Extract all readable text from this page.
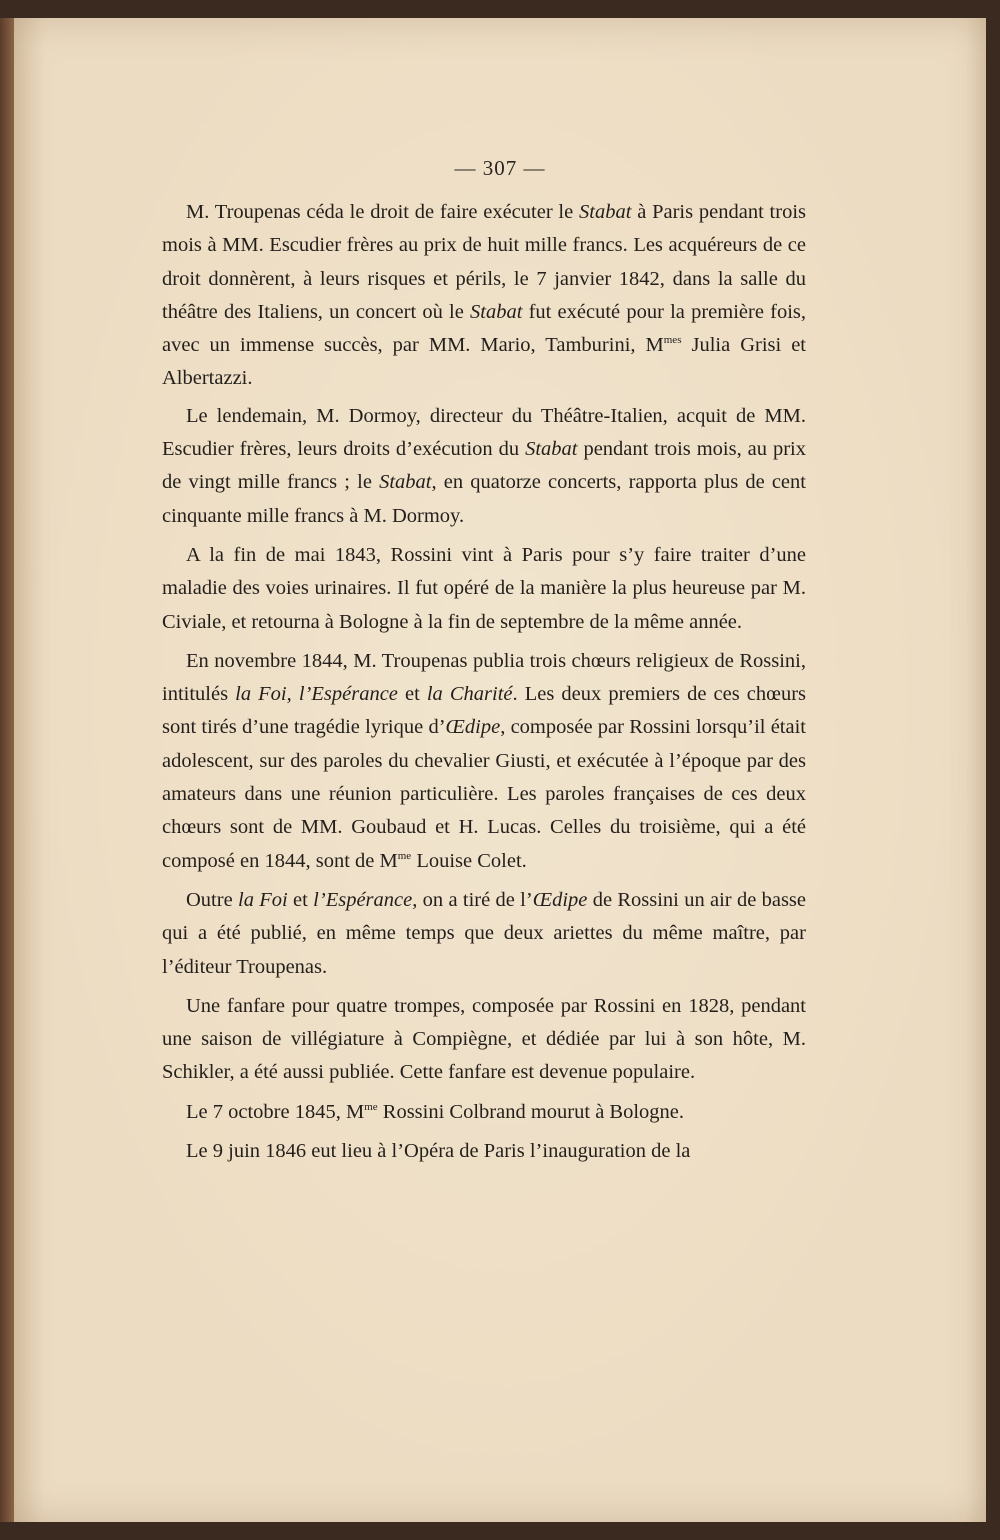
— 307 —

M. Troupenas céda le droit de faire exécuter le Stabat à Paris pendant trois mois à MM. Escudier frères au prix de huit mille francs. Les acquéreurs de ce droit donnèrent, à leurs risques et périls, le 7 janvier 1842, dans la salle du théâtre des Italiens, un concert où le Stabat fut exécuté pour la première fois, avec un immense succès, par MM. Mario, Tamburini, $M^{mes}$ Julia Grisi et Albertazzi.

Le lendemain, M. Dormoy, directeur du Théâtre-Italien, acquit de MM. Escudier frères, leurs droits d’exécution du Stabat pendant trois mois, au prix de vingt mille francs ; le Stabat, en quatorze concerts, rapporta plus de cent cinquante mille francs à M. Dormoy.

A la fin de mai 1843, Rossini vint à Paris pour s’y faire traiter d’une maladie des voies urinaires. Il fut opéré de la manière la plus heureuse par M. Civiale, et retourna à Bologne à la fin de septembre de la même année.

En novembre 1844, M. Troupenas publia trois chœurs religieux de Rossini, intitulés la Foi, l’Espérance et la Charité. Les deux premiers de ces chœurs sont tirés d’une tragédie lyrique d’Œdipe, composée par Rossini lorsqu’il était adolescent, sur des paroles du chevalier Giusti, et exécutée à l’époque par des amateurs dans une réunion particulière. Les paroles françaises de ces deux chœurs sont de MM. Goubaud et H. Lucas. Celles du troisième, qui a été composé en 1844, sont de $M^{me}$ Louise Colet.

Outre la Foi et l’Espérance, on a tiré de l’Œdipe de Rossini un air de basse qui a été publié, en même temps que deux ariettes du même maître, par l’éditeur Troupenas.

Une fanfare pour quatre trompes, composée par Rossini en 1828, pendant une saison de villégiature à Compiègne, et dédiée par lui à son hôte, M. Schikler, a été aussi publiée. Cette fanfare est devenue populaire.

Le 7 octobre 1845, $M^{me}$ Rossini Colbrand mourut à Bologne.

Le 9 juin 1846 eut lieu à l’Opéra de Paris l’inauguration de la
